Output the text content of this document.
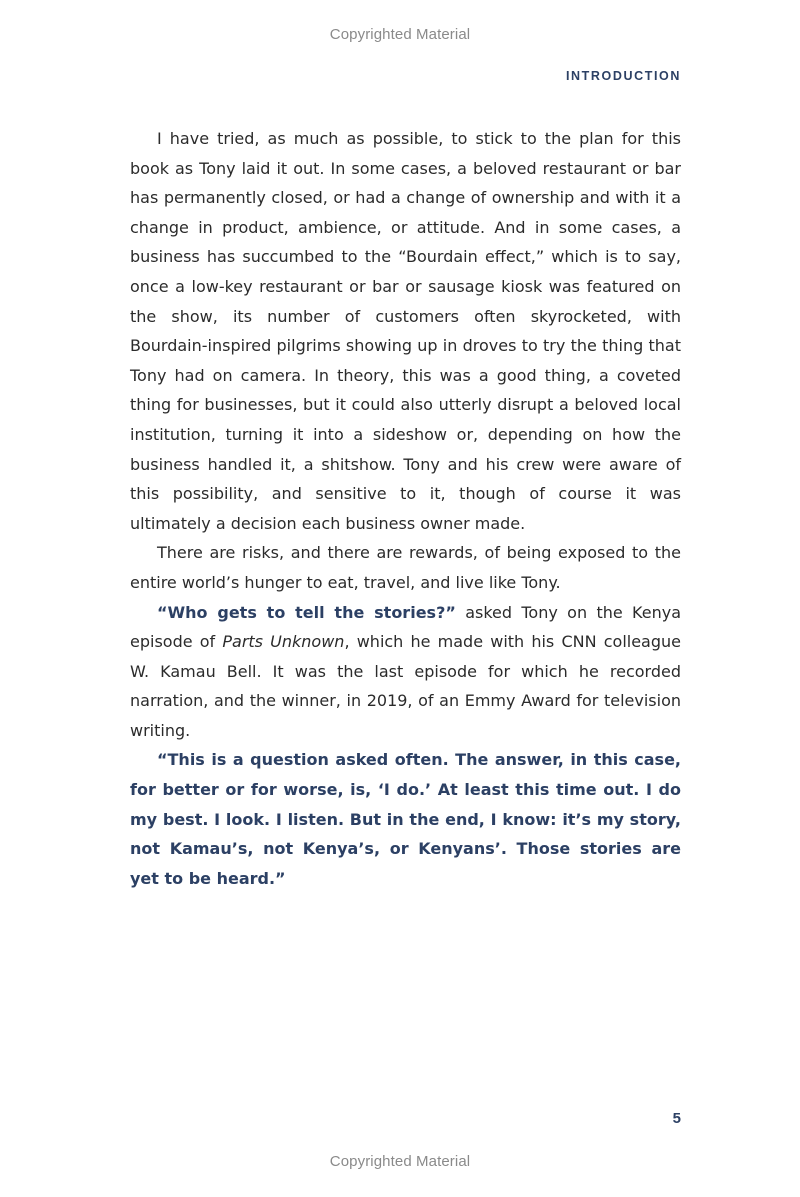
Copyrighted Material
INTRODUCTION

I have tried, as much as possible, to stick to the plan for this book as Tony laid it out. In some cases, a beloved restaurant or bar has permanently closed, or had a change of ownership and with it a change in product, ambience, or attitude. And in some cases, a business has succumbed to the “Bourdain effect,” which is to say, once a low-key restaurant or bar or sausage kiosk was featured on the show, its number of customers often skyrocketed, with Bourdain-inspired pilgrims showing up in droves to try the thing that Tony had on camera. In theory, this was a good thing, a coveted thing for businesses, but it could also utterly disrupt a beloved local institution, turning it into a sideshow or, depending on how the business handled it, a shitshow. Tony and his crew were aware of this possibility, and sensitive to it, though of course it was ultimately a decision each business owner made.

There are risks, and there are rewards, of being exposed to the entire world’s hunger to eat, travel, and live like Tony.

“Who gets to tell the stories?” asked Tony on the Kenya episode of Parts Unknown, which he made with his CNN colleague W. Kamau Bell. It was the last episode for which he recorded narration, and the winner, in 2019, of an Emmy Award for television writing.

“This is a question asked often. The answer, in this case, for better or for worse, is, ‘I do.’ At least this time out. I do my best. I look. I listen. But in the end, I know: it’s my story, not Kamau’s, not Kenya’s, or Kenyans’. Those stories are yet to be heard.”

5
Copyrighted Material
